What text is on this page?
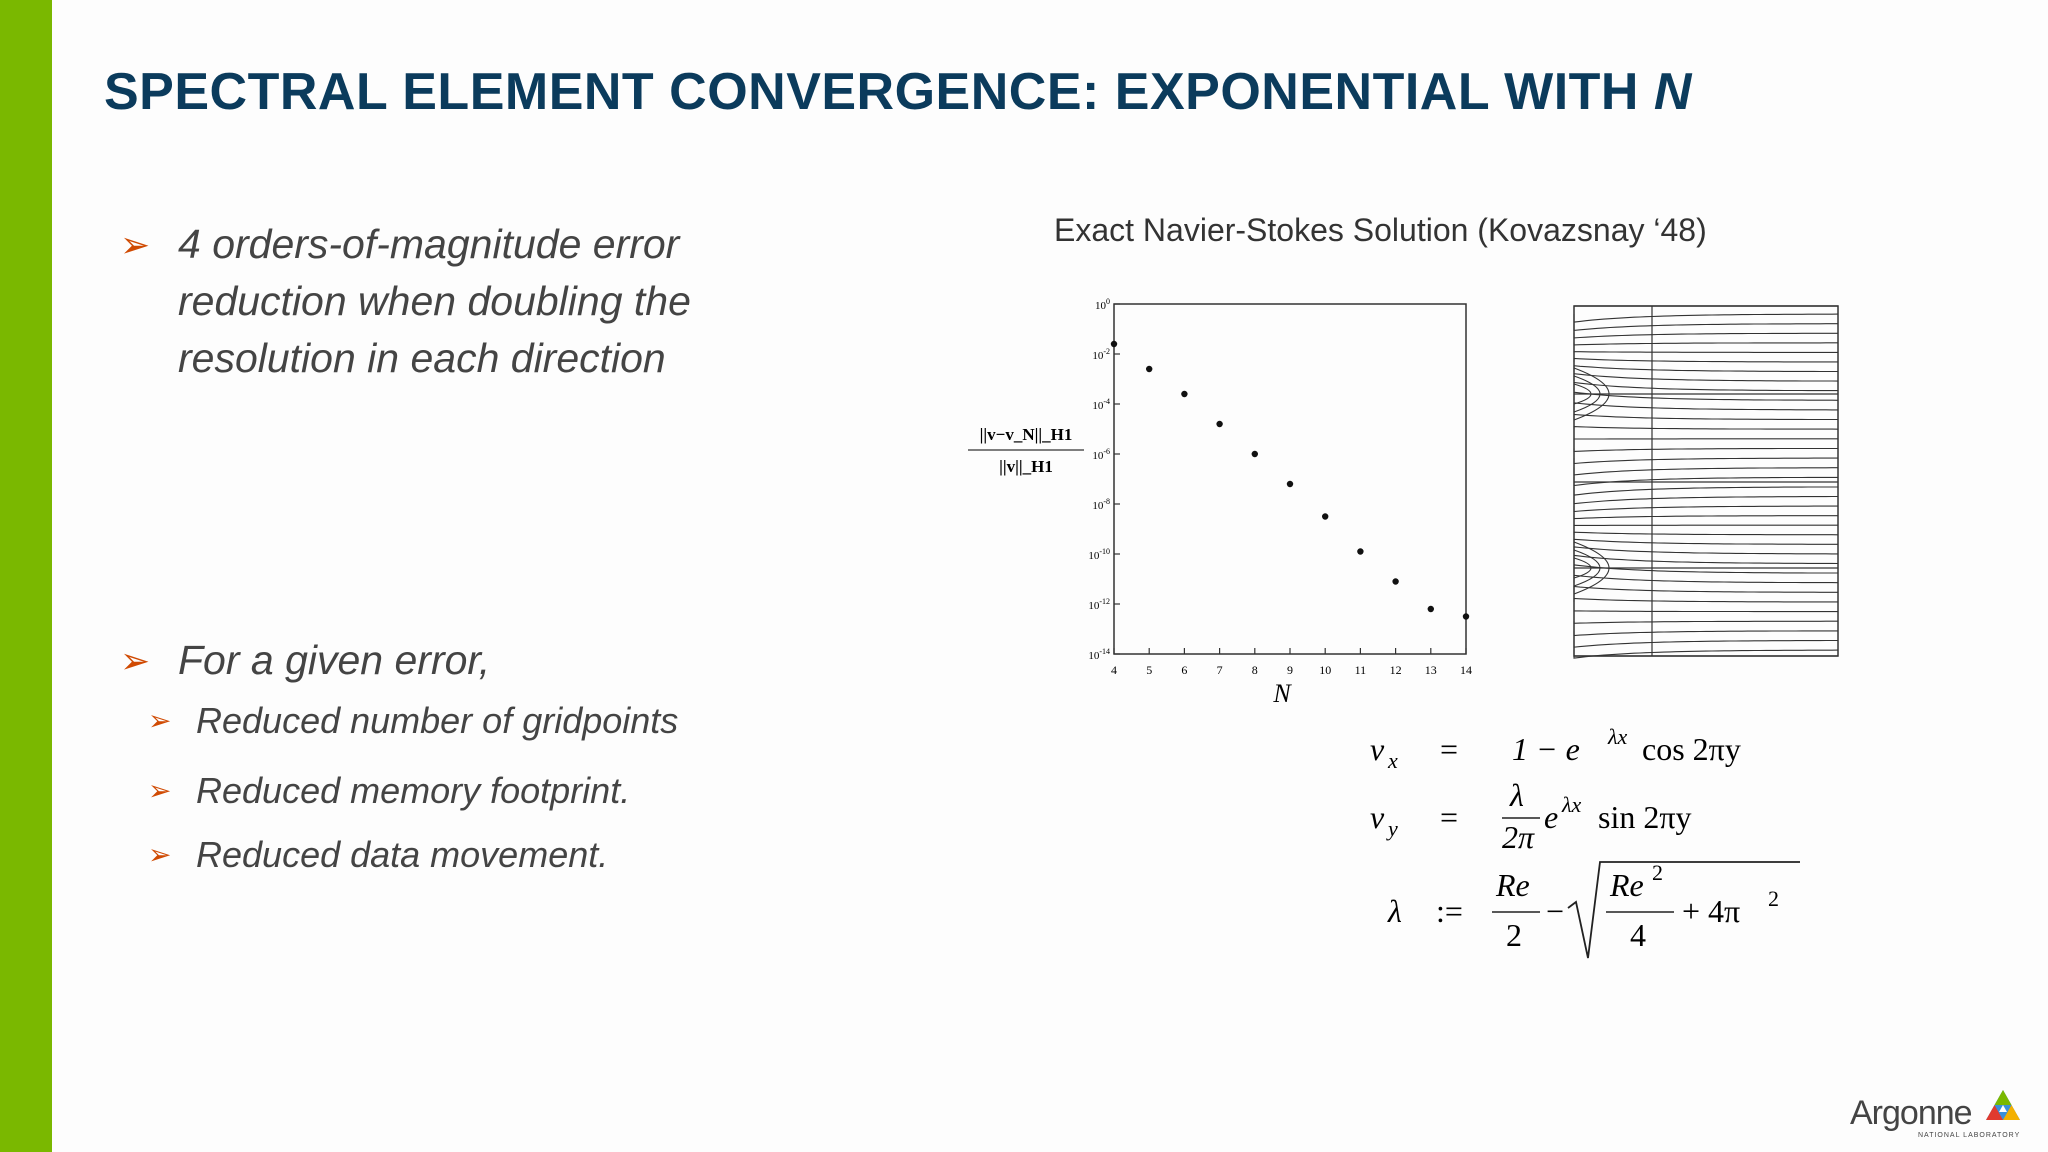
SPECTRAL ELEMENT CONVERGENCE: EXPONENTIAL WITH N
➢ 4 orders-of-magnitude error reduction when doubling the resolution in each direction
➢ For a given error,
➢ Reduced number of gridpoints
➢ Reduced memory footprint.
➢ Reduced data movement.
Exact Navier-Stokes Solution (Kovazsnay ‘48)
$10^0$
$10^{-2}$
$10^{-4}$
$10^{-6}$
$10^{-8}$
$10^{-10}$
$10^{-12}$
$10^{-14}$
4 5 6 7 8 9 10 11 12 13 14
N
||v−v_N||_H1
||v||_H1
v x = 1 − e λx cos 2πy
v y =
λ
2π
e λx sin 2πy
λ :=
Re
2
−
Re 2
4
+ 4π 2
Argonne
NATIONAL LABORATORY
